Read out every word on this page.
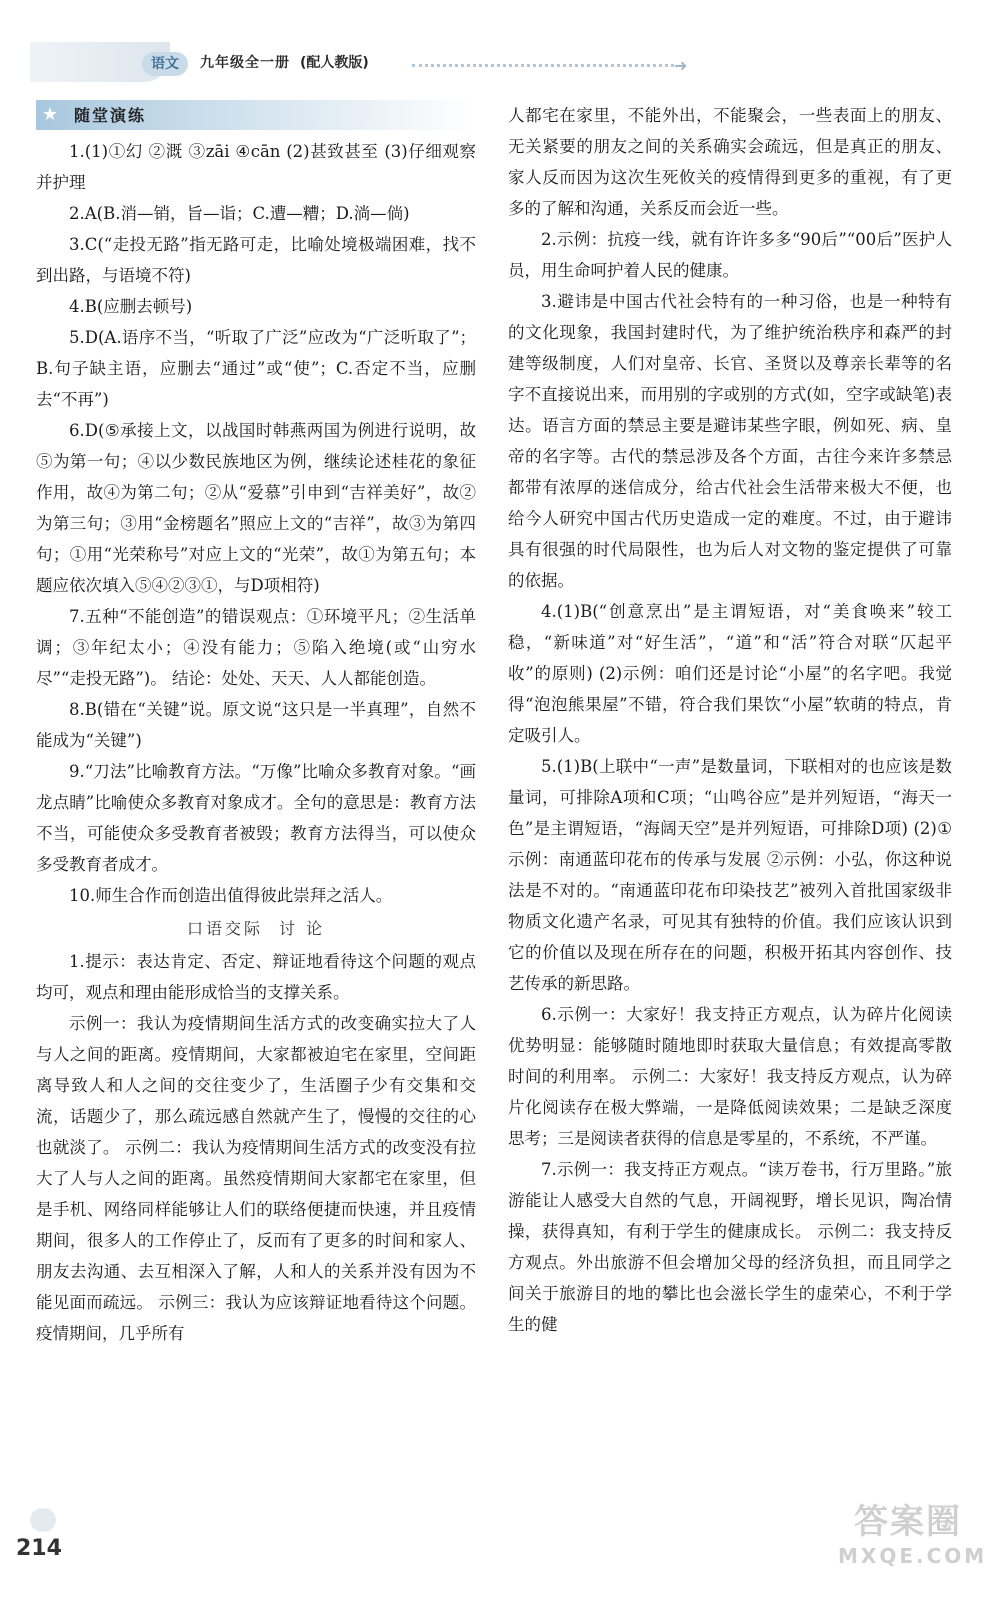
语文	九年级全一册 (配人教版)	➜
★ 随堂演练

1.(1)①幻 ②溉 ③zāi ④cān (2)甚致甚至 (3)仔细观察并护理

2.A(B.消—销，旨—诣；C.遭—糟；D.淌—倘)

3.C(“走投无路”指无路可走，比喻处境极端困难，找不到出路，与语境不符)

4.B(应删去顿号)

5.D(A.语序不当，“听取了广泛”应改为“广泛听取了”；B.句子缺主语，应删去“通过”或“使”；C.否定不当，应删去“不再”)

6.D(⑤承接上文，以战国时韩燕两国为例进行说明，故⑤为第一句；④以少数民族地区为例，继续论述桂花的象征作用，故④为第二句；②从“爱慕”引申到“吉祥美好”，故②为第三句；③用“金榜题名”照应上文的“吉祥”，故③为第四句；①用“光荣称号”对应上文的“光荣”，故①为第五句；本题应依次填入⑤④②③①，与D项相符)

7.五种“不能创造”的错误观点：①环境平凡；②生活单调；③年纪太小；④没有能力；⑤陷入绝境(或“山穷水尽”“走投无路”)。 结论：处处、天天、人人都能创造。

8.B(错在“关键”说。原文说“这只是一半真理”，自然不能成为“关键”)

9.“刀法”比喻教育方法。“万像”比喻众多教育对象。“画龙点睛”比喻使众多教育对象成才。全句的意思是：教育方法不当，可能使众多受教育者被毁；教育方法得当，可以使众多受教育者成才。

10.师生合作而创造出值得彼此崇拜之活人。

口语交际 讨 论

1.提示：表达肯定、否定、辩证地看待这个问题的观点均可，观点和理由能形成恰当的支撑关系。

示例一：我认为疫情期间生活方式的改变确实拉大了人与人之间的距离。疫情期间，大家都被迫宅在家里，空间距离导致人和人之间的交往变少了，生活圈子少有交集和交流，话题少了，那么疏远感自然就产生了，慢慢的交往的心也就淡了。 示例二：我认为疫情期间生活方式的改变没有拉大了人与人之间的距离。虽然疫情期间大家都宅在家里，但是手机、网络同样能够让人们的联络便捷而快速，并且疫情期间，很多人的工作停止了，反而有了更多的时间和家人、朋友去沟通、去互相深入了解，人和人的关系并没有因为不能见面而疏远。 示例三：我认为应该辩证地看待这个问题。疫情期间，几乎所有

人都宅在家里，不能外出，不能聚会，一些表面上的朋友、无关紧要的朋友之间的关系确实会疏远，但是真正的朋友、家人反而因为这次生死攸关的疫情得到更多的重视，有了更多的了解和沟通，关系反而会近一些。

2.示例：抗疫一线，就有许许多多“90后”“00后”医护人员，用生命呵护着人民的健康。

3.避讳是中国古代社会特有的一种习俗，也是一种特有的文化现象，我国封建时代，为了维护统治秩序和森严的封建等级制度，人们对皇帝、长官、圣贤以及尊亲长辈等的名字不直接说出来，而用别的字或别的方式(如，空字或缺笔)表达。语言方面的禁忌主要是避讳某些字眼，例如死、病、皇帝的名字等。古代的禁忌涉及各个方面，古往今来许多禁忌都带有浓厚的迷信成分，给古代社会生活带来极大不便，也给今人研究中国古代历史造成一定的难度。不过，由于避讳具有很强的时代局限性，也为后人对文物的鉴定提供了可靠的依据。

4.(1)B(“创意烹出”是主谓短语，对“美食唤来”较工稳，“新味道”对“好生活”，“道”和“活”符合对联“仄起平收”的原则) (2)示例：咱们还是讨论“小屋”的名字吧。我觉得“泡泡熊果屋”不错，符合我们果饮“小屋”软萌的特点，肯定吸引人。

5.(1)B(上联中“一声”是数量词，下联相对的也应该是数量词，可排除A项和C项；“山鸣谷应”是并列短语，“海天一色”是主谓短语，“海阔天空”是并列短语，可排除D项) (2)①示例：南通蓝印花布的传承与发展 ②示例：小弘，你这种说法是不对的。“南通蓝印花布印染技艺”被列入首批国家级非物质文化遗产名录，可见其有独特的价值。我们应该认识到它的价值以及现在所存在的问题，积极开拓其内容创作、技艺传承的新思路。

6.示例一：大家好！我支持正方观点，认为碎片化阅读优势明显：能够随时随地即时获取大量信息；有效提高零散时间的利用率。 示例二：大家好！我支持反方观点，认为碎片化阅读存在极大弊端，一是降低阅读效果；二是缺乏深度思考；三是阅读者获得的信息是零星的，不系统，不严谨。

7.示例一：我支持正方观点。“读万卷书，行万里路。”旅游能让人感受大自然的气息，开阔视野，增长见识，陶冶情操，获得真知，有利于学生的健康成长。 示例二：我支持反方观点。外出旅游不但会增加父母的经济负担，而且同学之间关于旅游目的地的攀比也会滋长学生的虚荣心，不利于学生的健

214
答案圈
MXQE.COM
